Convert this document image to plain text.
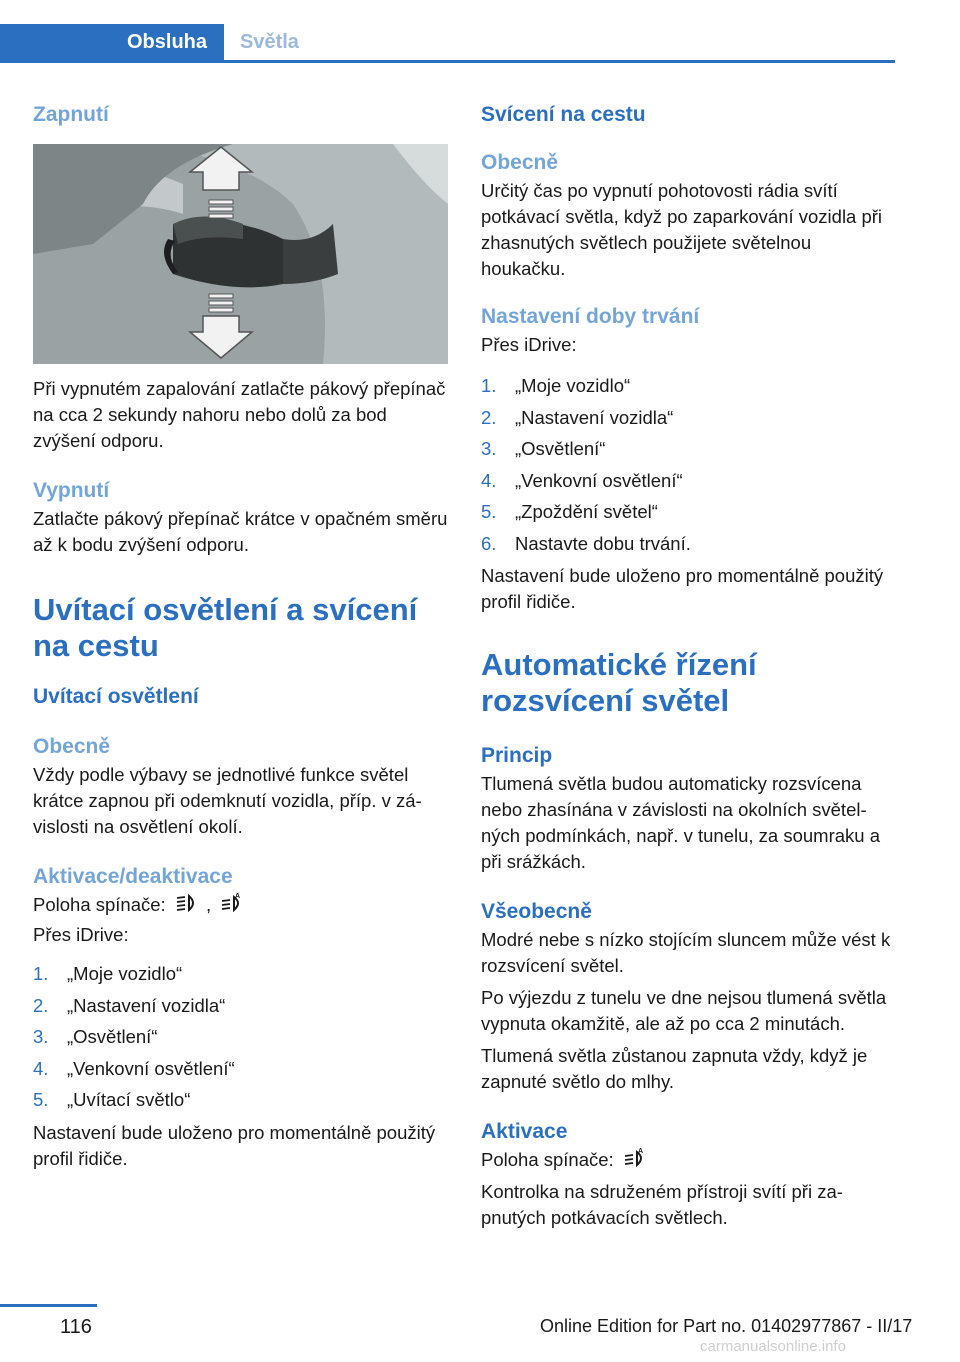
Obsluha	Světla
Zapnutí
Při vypnutém zapalování zatlačte pákový přepínač na cca 2 sekundy nahoru nebo dolů za bod zvýšení odporu.
Vypnutí
Zatlačte pákový přepínač krátce v opačném směru až k bodu zvýšení odporu.
Uvítací osvětlení a svícení na cestu
Uvítací osvětlení
Obecně
Vždy podle výbavy se jednotlivé funkce světel krátce zapnou při odemknutí vozidla, příp. v závislosti na osvětlení okolí.
Aktivace/deaktivace
Poloha spínače: ,	A
Přes iDrive:
1. „Moje vozidlo“
2. „Nastavení vozidla“
3. „Osvětlení“
4. „Venkovní osvětlení“
5. „Uvítací světlo“
Nastavení bude uloženo pro momentálně použitý profil řidiče.
Svícení na cestu
Obecně
Určitý čas po vypnutí pohotovosti rádia svítí potkávací světla, když po zaparkování vozidla při zhasnutých světlech použijete světelnou houkačku.
Nastavení doby trvání
Přes iDrive:
1. „Moje vozidlo“
2. „Nastavení vozidla“
3. „Osvětlení“
4. „Venkovní osvětlení“
5. „Zpoždění světel“
6. Nastavte dobu trvání.
Nastavení bude uloženo pro momentálně použitý profil řidiče.
Automatické řízení rozsvícení světel
Princip
Tlumená světla budou automaticky rozsvícena nebo zhasínána v závislosti na okolních světelných podmínkách, např. v tunelu, za soumraku a při srážkách.
Všeobecně
Modré nebe s nízko stojícím sluncem může vést k rozsvícení světel.
Po výjezdu z tunelu ve dne nejsou tlumená světla vypnuta okamžitě, ale až po cca 2 minutách.
Tlumená světla zůstanou zapnuta vždy, když je zapnuté světlo do mlhy.
Aktivace
Poloha spínače:	A
Kontrolka na sdruženém přístroji svítí při zapnutých potkávacích světlech.
116	Online Edition for Part no. 01402977867 - II/17
carmanualsonline.info
